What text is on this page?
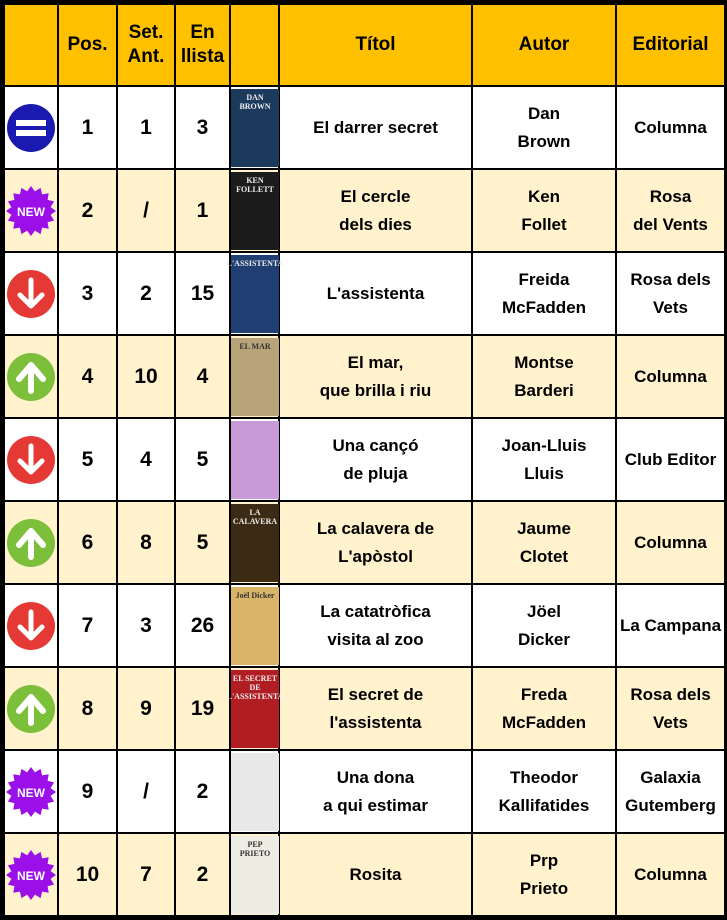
	Pos.	Set.
Ant.	En
llista		Títol	Autor	Editorial

	1	1	3	DAN
BROWN	El darrer secret	Dan
Brown	Columna

NEW	2	/	1	KEN
FOLLETT	El cercle
dels dies	Ken
Follet	Rosa
del Vents

	3	2	15	L'ASSISTENTA	L'assistenta	Freida
McFadden	Rosa dels
Vets

	4	10	4	EL MAR	El mar,
que brilla i riu	Montse
Barderi	Columna

	5	4	5		Una cançó
de pluja	Joan-Lluis
Lluis	Club Editor

	6	8	5	LA CALAVERA	La calavera de
L'apòstol	Jaume
Clotet	Columna

	7	3	26	Joël Dicker	La catatròfica
visita al zoo	Jöel
Dicker	La Campana

	8	9	19	EL SECRET DE L'ASSISTENTA	El secret de
l'assistenta	Freda
McFadden	Rosa dels
Vets

NEW	9	/	2		Una dona
a qui estimar	Theodor
Kallifatides	Galaxia
Gutemberg

NEW	10	7	2	PEP
PRIETO	Rosita	Prp
Prieto	Columna
